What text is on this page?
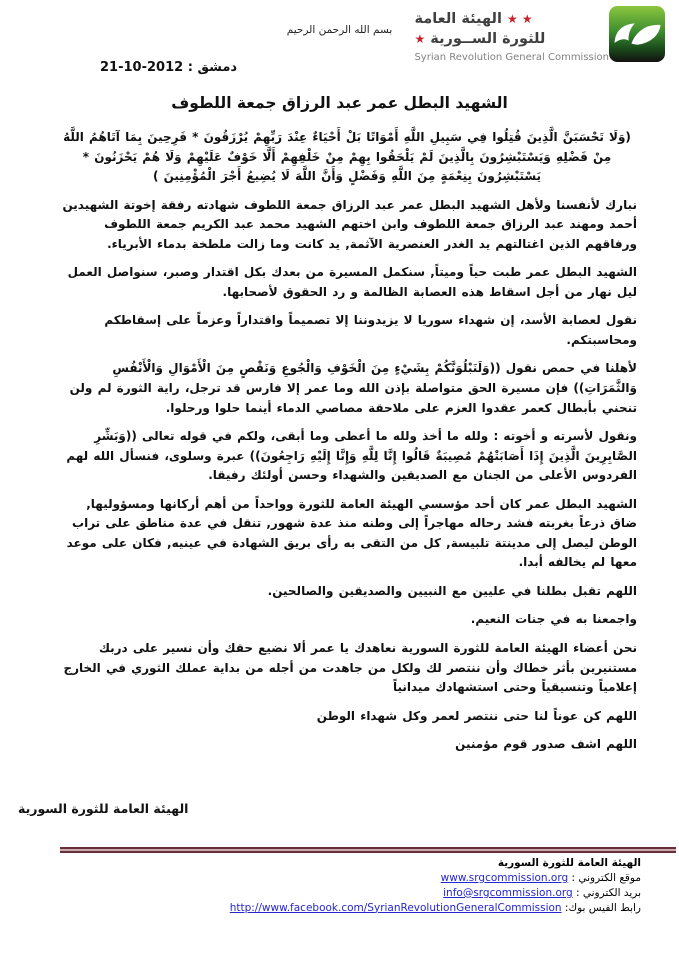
بسم الله الرحمن الرحيم
★ ★ الهيئة العامة
للثورة الســورية ★
Syrian Revolution General Commission
دمشق : 2012-10-21
الشهيد البطل عمر عبد الرزاق جمعة اللطوف

(وَلَا تَحْسَبَنَّ الَّذِينَ قُتِلُوا فِي سَبِيلِ اللَّهِ أَمْوَاتًا بَلْ أَحْيَاءٌ عِنْدَ رَبِّهِمْ يُرْزَقُونَ * فَرِحِينَ بِمَا آتَاهُمُ اللَّهُ مِنْ فَضْلِهِ وَيَسْتَبْشِرُونَ بِالَّذِينَ لَمْ يَلْحَقُوا بِهِمْ مِنْ خَلْفِهِمْ أَلَّا خَوْفٌ عَلَيْهِمْ وَلَا هُمْ يَحْزَنُونَ * يَسْتَبْشِرُونَ بِنِعْمَةٍ مِنَ اللَّهِ وَفَضْلٍ وَأَنَّ اللَّهَ لَا يُضِيعُ أَجْرَ الْمُؤْمِنِينَ )

نبارك لأنفسنا ولأهل الشهيد البطل عمر عبد الرزاق جمعة اللطوف شهادته رفقة إخوتة الشهيدين أحمد ومهند عبد الرزاق جمعة اللطوف وابن اختهم الشهيد محمد عبد الكريم جمعة اللطوف ورفاقهم الذين اغتالتهم يد الغدر العنصرية الآثمة, يد كانت وما زالت ملطخة بدماء الأبرياء.

الشهيد البطل عمر طبت حياً وميتاً, سنكمل المسيرة من بعدك بكل اقتدار وصبر، سنواصل العمل ليل نهار من أجل اسقاط هذه العصابة الظالمة و رد الحقوق لأصحابها.

نقول لعصابة الأسد، إن شهداء سوريا لا يزيدوننا إلا تصميماً واقتداراً وعزماً على إسقاطكم ومحاسبتكم.

لأهلنا في حمص نقول ((وَلَنَبْلُوَنَّكُمْ بِشَيْءٍ مِنَ الْخَوْفِ وَالْجُوعِ وَنَقْصٍ مِنَ الْأَمْوَالِ وَالْأَنْفُسِ وَالثَّمَرَاتِ)) فإن مسيرة الحق متواصلة بإذن الله وما عمر إلا فارس قد ترجل، راية الثورة لم ولن تنحني بأبطال كعمر عقدوا العزم على ملاحقة مصاصي الدماء أينما حلوا ورحلوا.

ونقول لأسرته و أخوته : ولله ما أخذ ولله ما أعطى وما أبقى، ولكم في قوله تعالى ((وَبَشِّرِ الصَّابِرِينَ الَّذِينَ إِذَا أَصَابَتْهُمْ مُصِيبَةٌ قَالُوا إِنَّا لِلَّهِ وَإِنَّا إِلَيْهِ رَاجِعُونَ)) عبرة وسلوى، فنسأل الله لهم الفردوس الأعلى من الجنان مع الصديقين والشهداء وحسن أولئك رفيقا.

الشهيد البطل عمر كان أحد مؤسسي الهيئة العامة للثورة وواحداً من أهم أركانها ومسؤوليها, ضاق ذرعاً بغربته فشد رحاله مهاجراً إلى وطنه منذ عدة شهور, تنقل في عدة مناطق على تراب الوطن ليصل إلى مدينتة تلبيسة, كل من التقى به رأى بريق الشهادة في عينيه, فكان على موعد معها لم يخالفه أبدا.

اللهم تقبل بطلنا في عليين مع النبيين والصديقين والصالحين.

واجمعنا به في جنات النعيم.

نحن أعضاء الهيئة العامة للثورة السورية نعاهدك يا عمر ألا نضيع حقك وأن نسير على دربك مستنيرين بأثر خطاك وأن ننتصر لك ولكل من جاهدت من أجله من بداية عملك الثوري في الخارج إعلامياً وتنسيقياً وحتى استشهادك ميدانياً

اللهم كن عوناً لنا حتى ننتصر لعمر وكل شهداء الوطن

اللهم اشف صدور قوم مؤمنين

الهيئة العامة للثورة السورية
الهيئة العامة للثورة السورية
موقع الكتروني : www.srgcommission.org
بريد الكتروني : info@srgcommission.org
رابط الفيس بوك: http://www.facebook.com/SyrianRevolutionGeneralCommission
